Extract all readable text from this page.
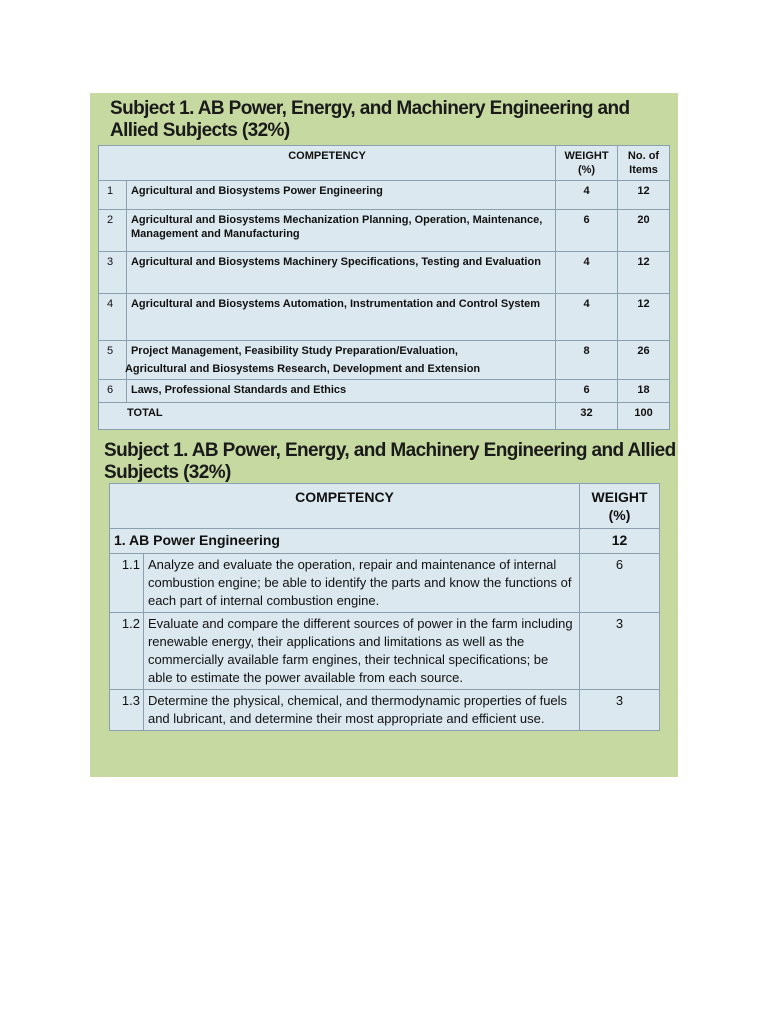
Subject 1. AB Power, Energy, and Machinery Engineering and Allied Subjects (32%)
COMPETENCY		WEIGHT (%)	No. of Items
1	Agricultural and Biosystems Power Engineering	4	12
2	Agricultural and Biosystems Mechanization Planning, Operation, Maintenance, Management and Manufacturing	6	20
3	Agricultural and Biosystems Machinery Specifications, Testing and Evaluation	4	12
4	Agricultural and Biosystems Automation, Instrumentation and Control System	4	12
5	Project Management, Feasibility Study Preparation/Evaluation,
Agricultural and Biosystems Research, Development and Extension	8	26
6	Laws, Professional Standards and Ethics	6	18
TOTAL		32	100
Subject 1. AB Power, Energy, and Machinery Engineering and Allied Subjects (32%)
COMPETENCY		WEIGHT (%)
1. AB Power Engineering		12
1.1	Analyze and evaluate the operation, repair and maintenance of internal combustion engine; be able to identify the parts and know the functions of each part of internal combustion engine.	6
1.2	Evaluate and compare the different sources of power in the farm including renewable energy, their applications and limitations as well as the commercially available farm engines, their technical specifications; be able to estimate the power available from each source.	3
1.3	Determine the physical, chemical, and thermodynamic properties of fuels and lubricant, and determine their most appropriate and efficient use.	3
